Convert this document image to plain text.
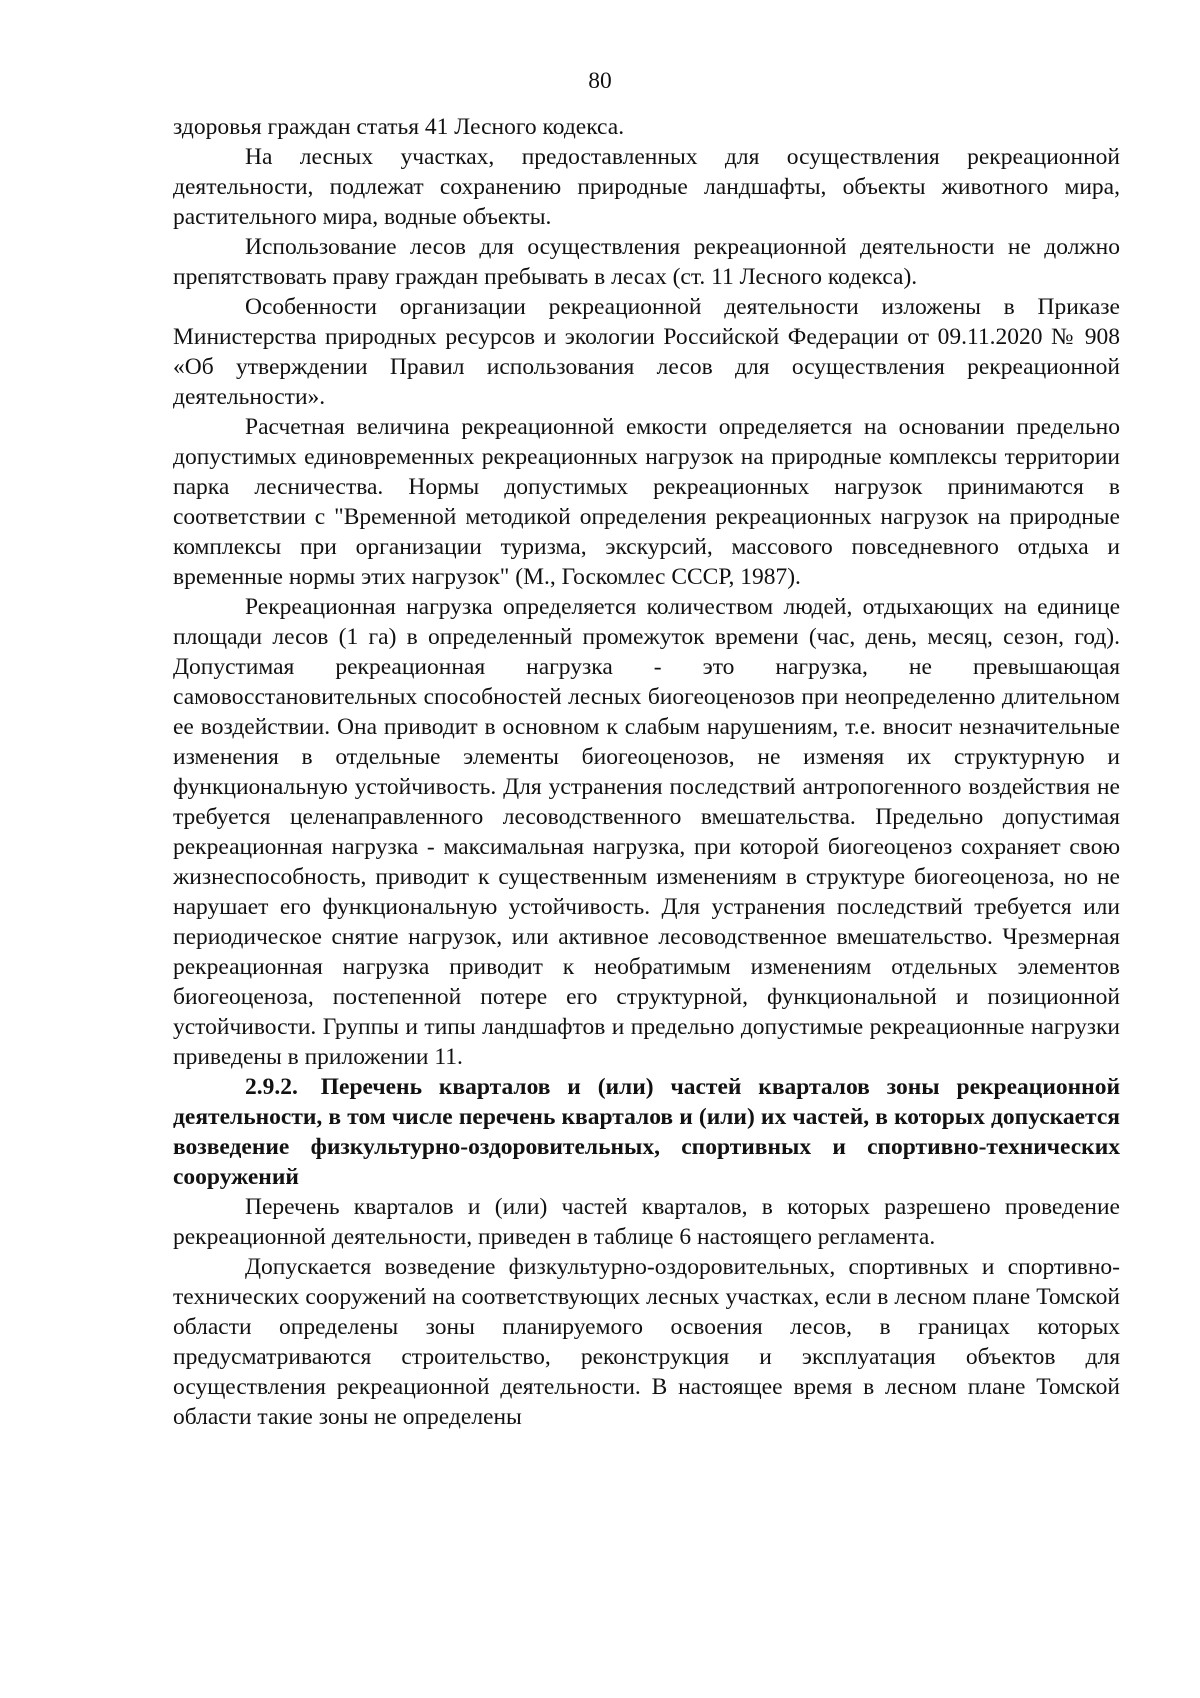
80

здоровья граждан статья 41 Лесного кодекса.

На лесных участках, предоставленных для осуществления рекреационной деятельности, подлежат сохранению природные ландшафты, объекты животного мира, растительного мира, водные объекты.

Использование лесов для осуществления рекреационной деятельности не должно препятствовать праву граждан пребывать в лесах (ст. 11 Лесного кодекса).

Особенности организации рекреационной деятельности изложены в Приказе Министерства природных ресурсов и экологии Российской Федерации от 09.11.2020 № 908 «Об утверждении Правил использования лесов для осуществления рекреационной деятельности».

Расчетная величина рекреационной емкости определяется на основании предельно допустимых единовременных рекреационных нагрузок на природные комплексы территории парка лесничества. Нормы допустимых рекреационных нагрузок принимаются в соответствии с "Временной методикой определения рекреационных нагрузок на природные комплексы при организации туризма, экскурсий, массового повседневного отдыха и временные нормы этих нагрузок" (М., Госкомлес СССР, 1987).

Рекреационная нагрузка определяется количеством людей, отдыхающих на единице площади лесов (1 га) в определенный промежуток времени (час, день, месяц, сезон, год). Допустимая рекреационная нагрузка - это нагрузка, не превышающая самовосстановительных способностей лесных биогеоценозов при неопределенно длительном ее воздействии. Она приводит в основном к слабым нарушениям, т.е. вносит незначительные изменения в отдельные элементы биогеоценозов, не изменяя их структурную и функциональную устойчивость. Для устранения последствий антропогенного воздействия не требуется целенаправленного лесоводственного вмешательства. Предельно допустимая рекреационная нагрузка - максимальная нагрузка, при которой биогеоценоз сохраняет свою жизнеспособность, приводит к существенным изменениям в структуре биогеоценоза, но не нарушает его функциональную устойчивость. Для устранения последствий требуется или периодическое снятие нагрузок, или активное лесоводственное вмешательство. Чрезмерная рекреационная нагрузка приводит к необратимым изменениям отдельных элементов биогеоценоза, постепенной потере его структурной, функциональной и позиционной устойчивости. Группы и типы ландшафтов и предельно допустимые рекреационные нагрузки приведены в приложении 11.

2.9.2. Перечень кварталов и (или) частей кварталов зоны рекреационной деятельности, в том числе перечень кварталов и (или) их частей, в которых допускается возведение физкультурно-оздоровительных, спортивных и спортивно-технических сооружений

Перечень кварталов и (или) частей кварталов, в которых разрешено проведение рекреационной деятельности, приведен в таблице 6 настоящего регламента.

Допускается возведение физкультурно-оздоровительных, спортивных и спортивно-технических сооружений на соответствующих лесных участках, если в лесном плане Томской области определены зоны планируемого освоения лесов, в границах которых предусматриваются строительство, реконструкция и эксплуатация объектов для осуществления рекреационной деятельности. В настоящее время в лесном плане Томской области такие зоны не определены
